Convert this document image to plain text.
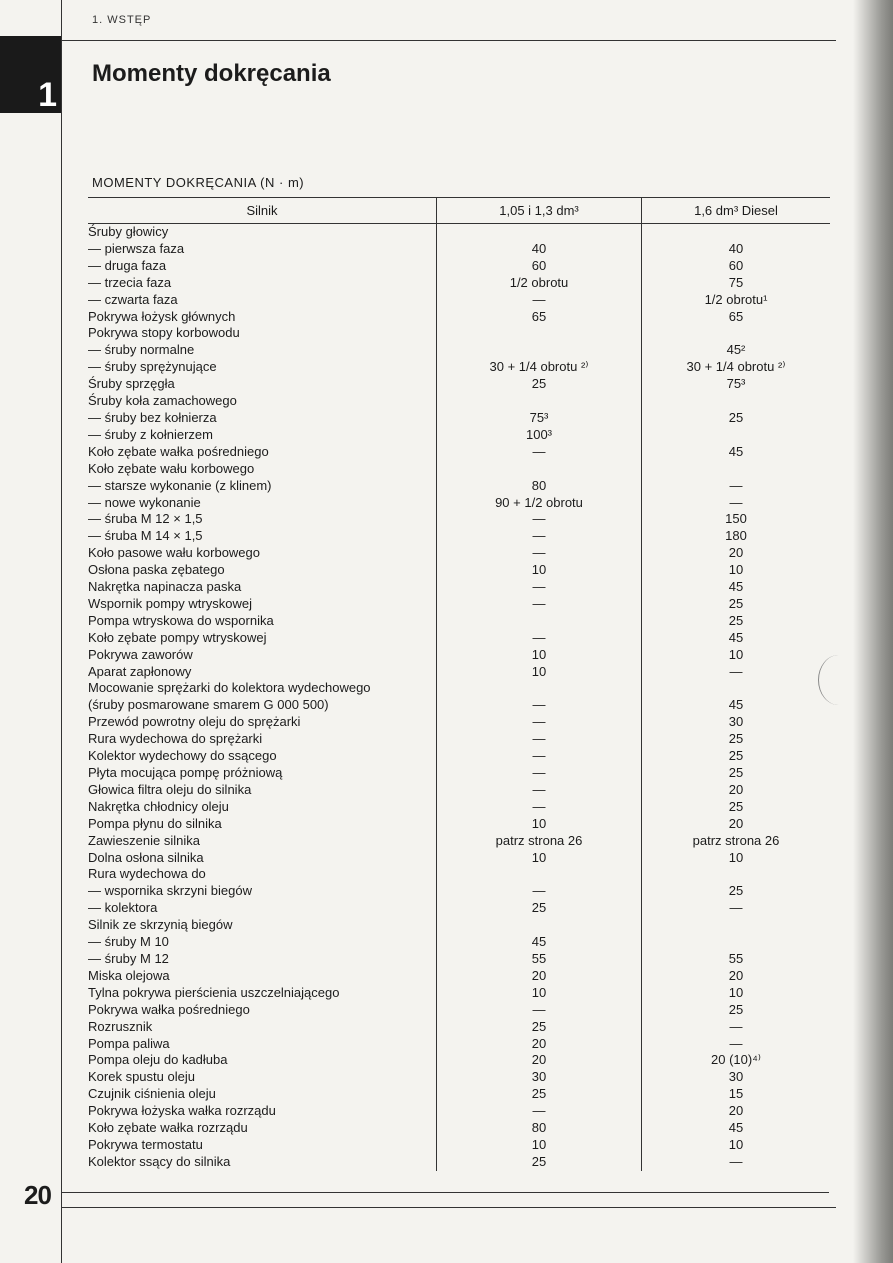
1. WSTĘP
1
Momenty dokręcania
MOMENTY DOKRĘCANIA (N · m)
Silnik	1,05 i 1,3 dm³	1,6 dm³ Diesel
Śruby głowicy		
— pierwsza faza	40	40
— druga faza	60	60
— trzecia faza	1/2 obrotu	75
— czwarta faza	—	1/2 obrotu¹
Pokrywa łożysk głównych	65	65
Pokrywa stopy korbowodu		
— śruby normalne		45²
— śruby sprężynujące	30 + 1/4 obrotu ²⁾	30 + 1/4 obrotu ²⁾
Śruby sprzęgła	25	75³
Śruby koła zamachowego		
— śruby bez kołnierza	75³	25
— śruby z kołnierzem	100³	
Koło zębate wałka pośredniego	—	45
Koło zębate wału korbowego		
— starsze wykonanie (z klinem)	80	—
— nowe wykonanie	90 + 1/2 obrotu	—
— śruba M 12 × 1,5	—	150
— śruba M 14 × 1,5	—	180
Koło pasowe wału korbowego	—	20
Osłona paska zębatego	10	10
Nakrętka napinacza paska	—	45
Wspornik pompy wtryskowej	—	25
Pompa wtryskowa do wspornika		25
Koło zębate pompy wtryskowej	—	45
Pokrywa zaworów	10	10
Aparat zapłonowy	10	—
Mocowanie sprężarki do kolektora wydechowego		
(śruby posmarowane smarem G 000 500)	—	45
Przewód powrotny oleju do sprężarki	—	30
Rura wydechowa do sprężarki	—	25
Kolektor wydechowy do ssącego	—	25
Płyta mocująca pompę próżniową	—	25
Głowica filtra oleju do silnika	—	20
Nakrętka chłodnicy oleju	—	25
Pompa płynu do silnika	10	20
Zawieszenie silnika	patrz strona 26	patrz strona 26
Dolna osłona silnika	10	10
Rura wydechowa do		
— wspornika skrzyni biegów	—	25
— kolektora	25	—
Silnik ze skrzynią biegów		
— śruby M 10	45	
— śruby M 12	55	55
Miska olejowa	20	20
Tylna pokrywa pierścienia uszczelniającego	10	10
Pokrywa wałka pośredniego	—	25
Rozrusznik	25	—
Pompa paliwa	20	—
Pompa oleju do kadłuba	20	20 (10)⁴⁾
Korek spustu oleju	30	30
Czujnik ciśnienia oleju	25	15
Pokrywa łożyska wałka rozrządu	—	20
Koło zębate wałka rozrządu	80	45
Pokrywa termostatu	10	10
Kolektor ssący do silnika	25	—
20
